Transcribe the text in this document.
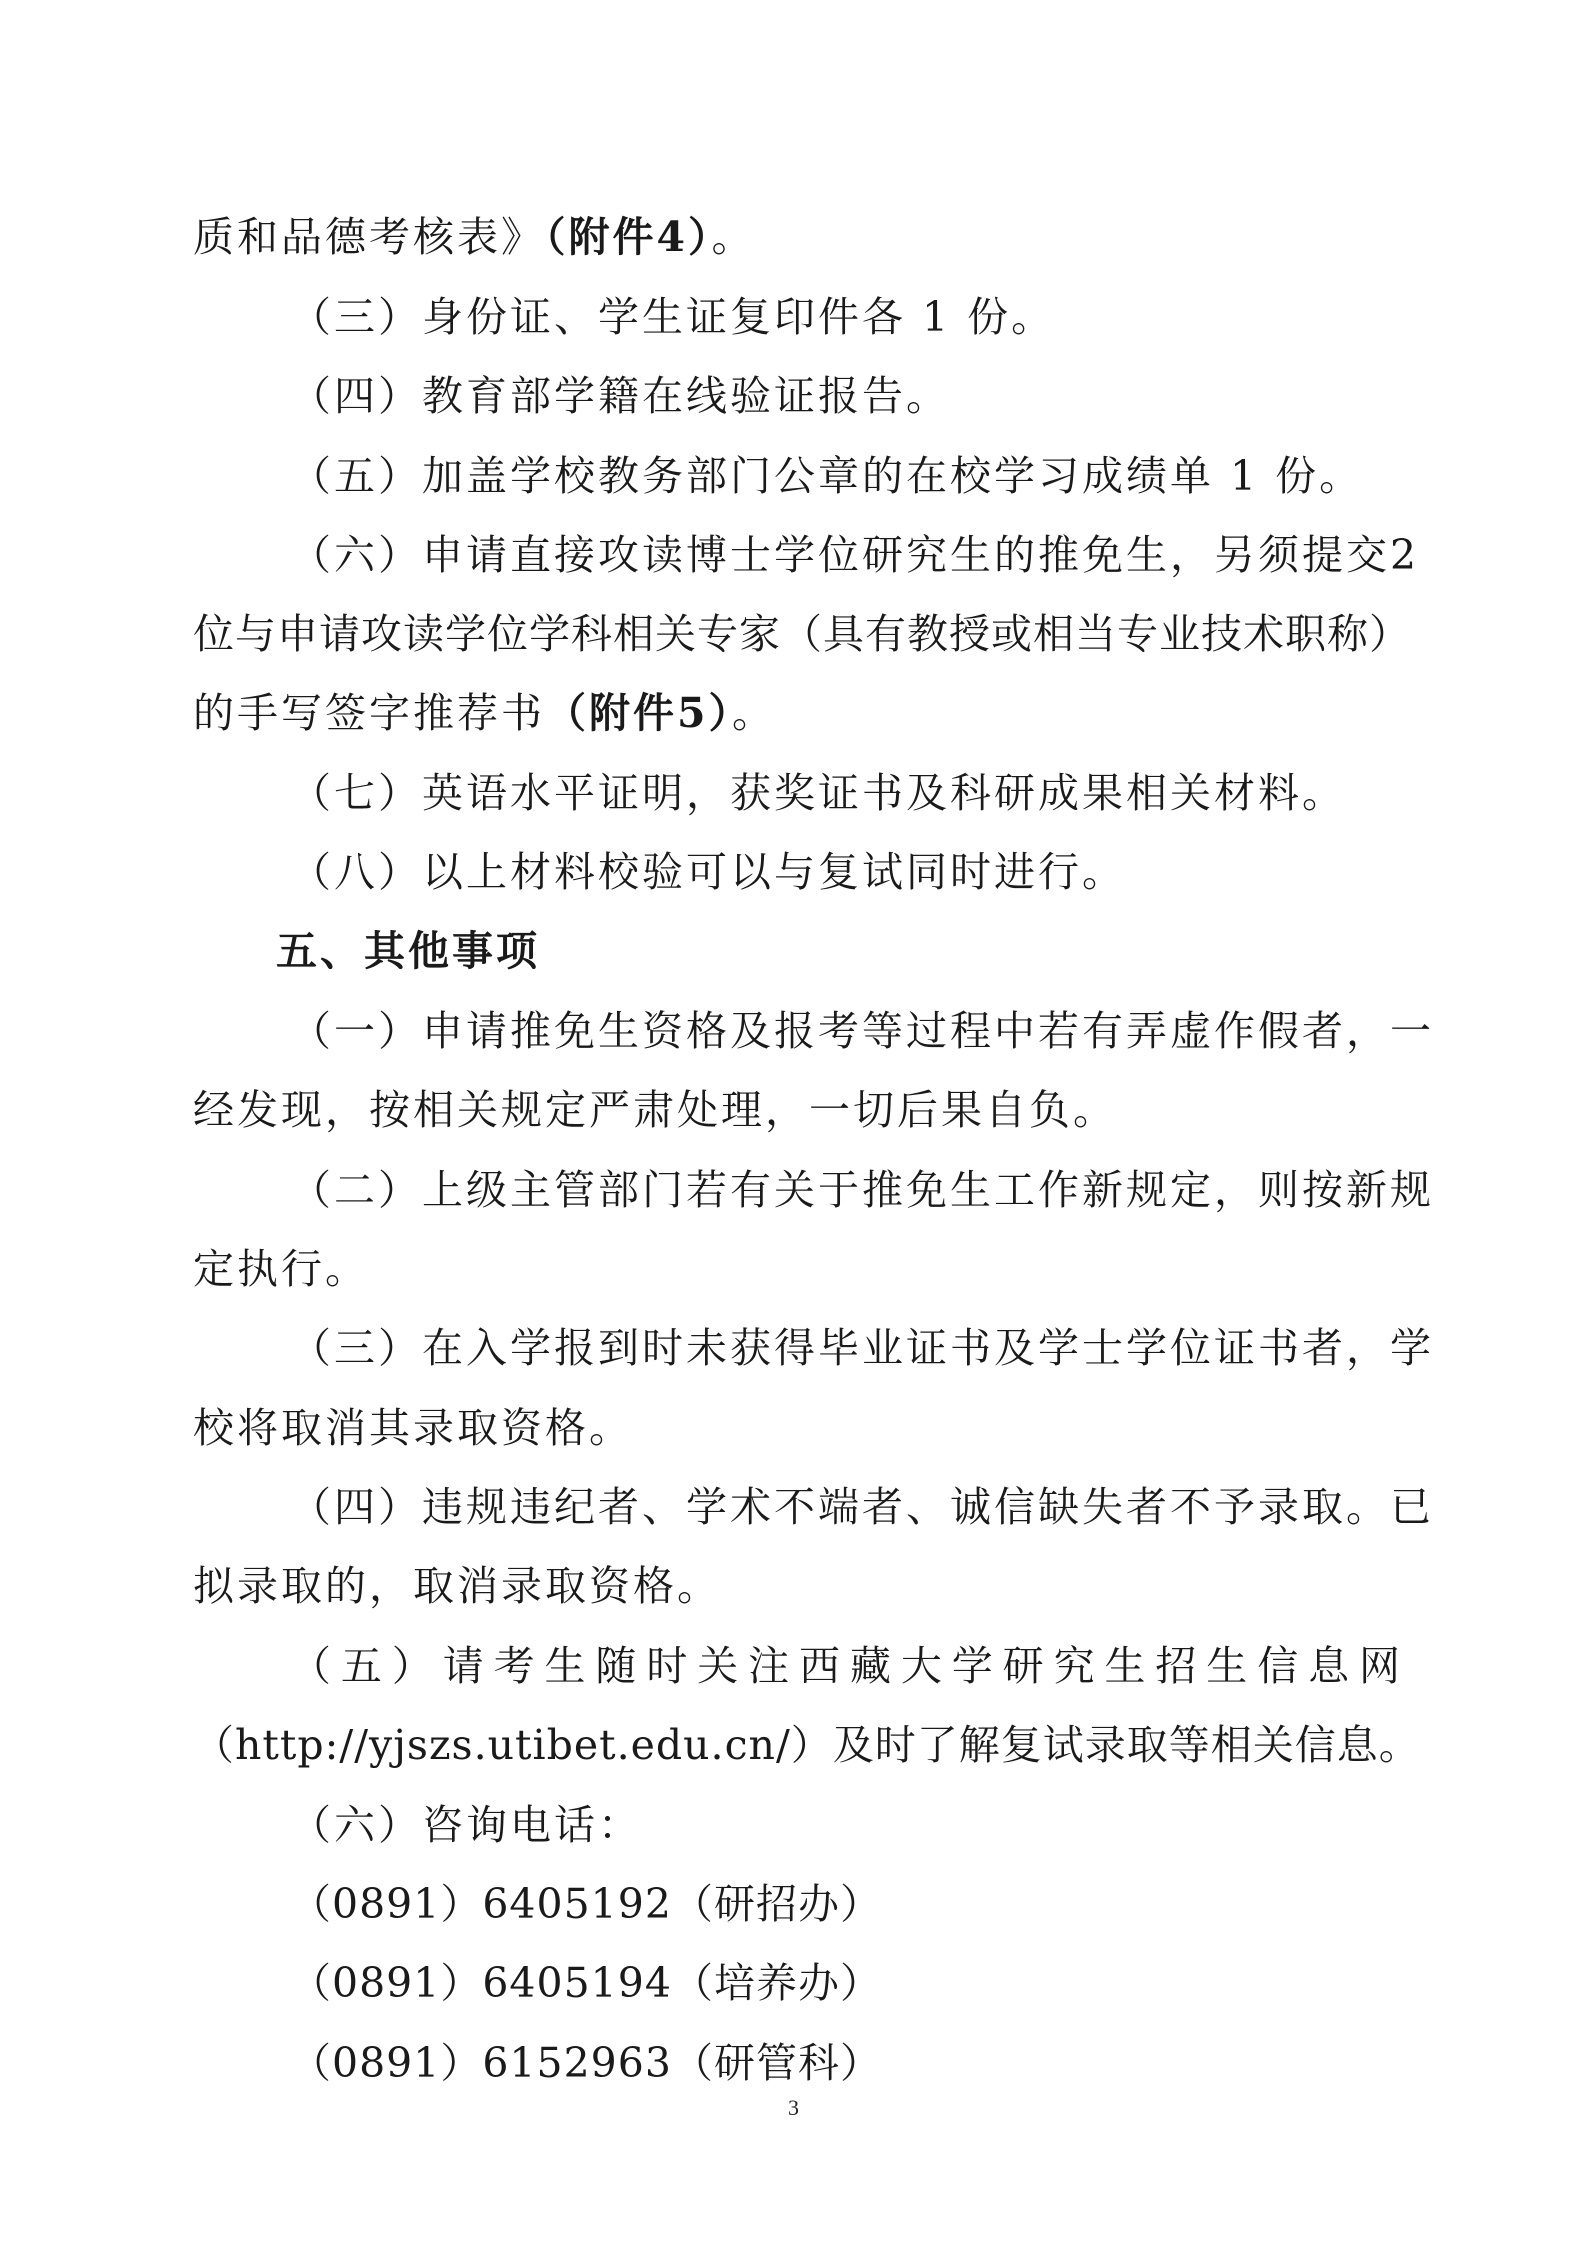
质和品德考核表》（附件4）。
（三）身份证、学生证复印件各 1 份。
（四）教育部学籍在线验证报告。
（五）加盖学校教务部门公章的在校学习成绩单 1 份。
（六）申请直接攻读博士学位研究生的推免生，另须提交2
位与申请攻读学位学科相关专家（具有教授或相当专业技术职称）
的手写签字推荐书（附件5）。
（七）英语水平证明，获奖证书及科研成果相关材料。
（八）以上材料校验可以与复试同时进行。
五、其他事项
（一）申请推免生资格及报考等过程中若有弄虚作假者，一
经发现，按相关规定严肃处理，一切后果自负。
（二）上级主管部门若有关于推免生工作新规定，则按新规
定执行。
（三）在入学报到时未获得毕业证书及学士学位证书者，学
校将取消其录取资格。
（四）违规违纪者、学术不端者、诚信缺失者不予录取。已
拟录取的，取消录取资格。
（五）请考生随时关注西藏大学研究生招生信息网
（http://yjszs.utibet.edu.cn/）及时了解复试录取等相关信息。
（六）咨询电话：
（0891）6405192（研招办）
（0891）6405194（培养办）
（0891）6152963（研管科）
3
